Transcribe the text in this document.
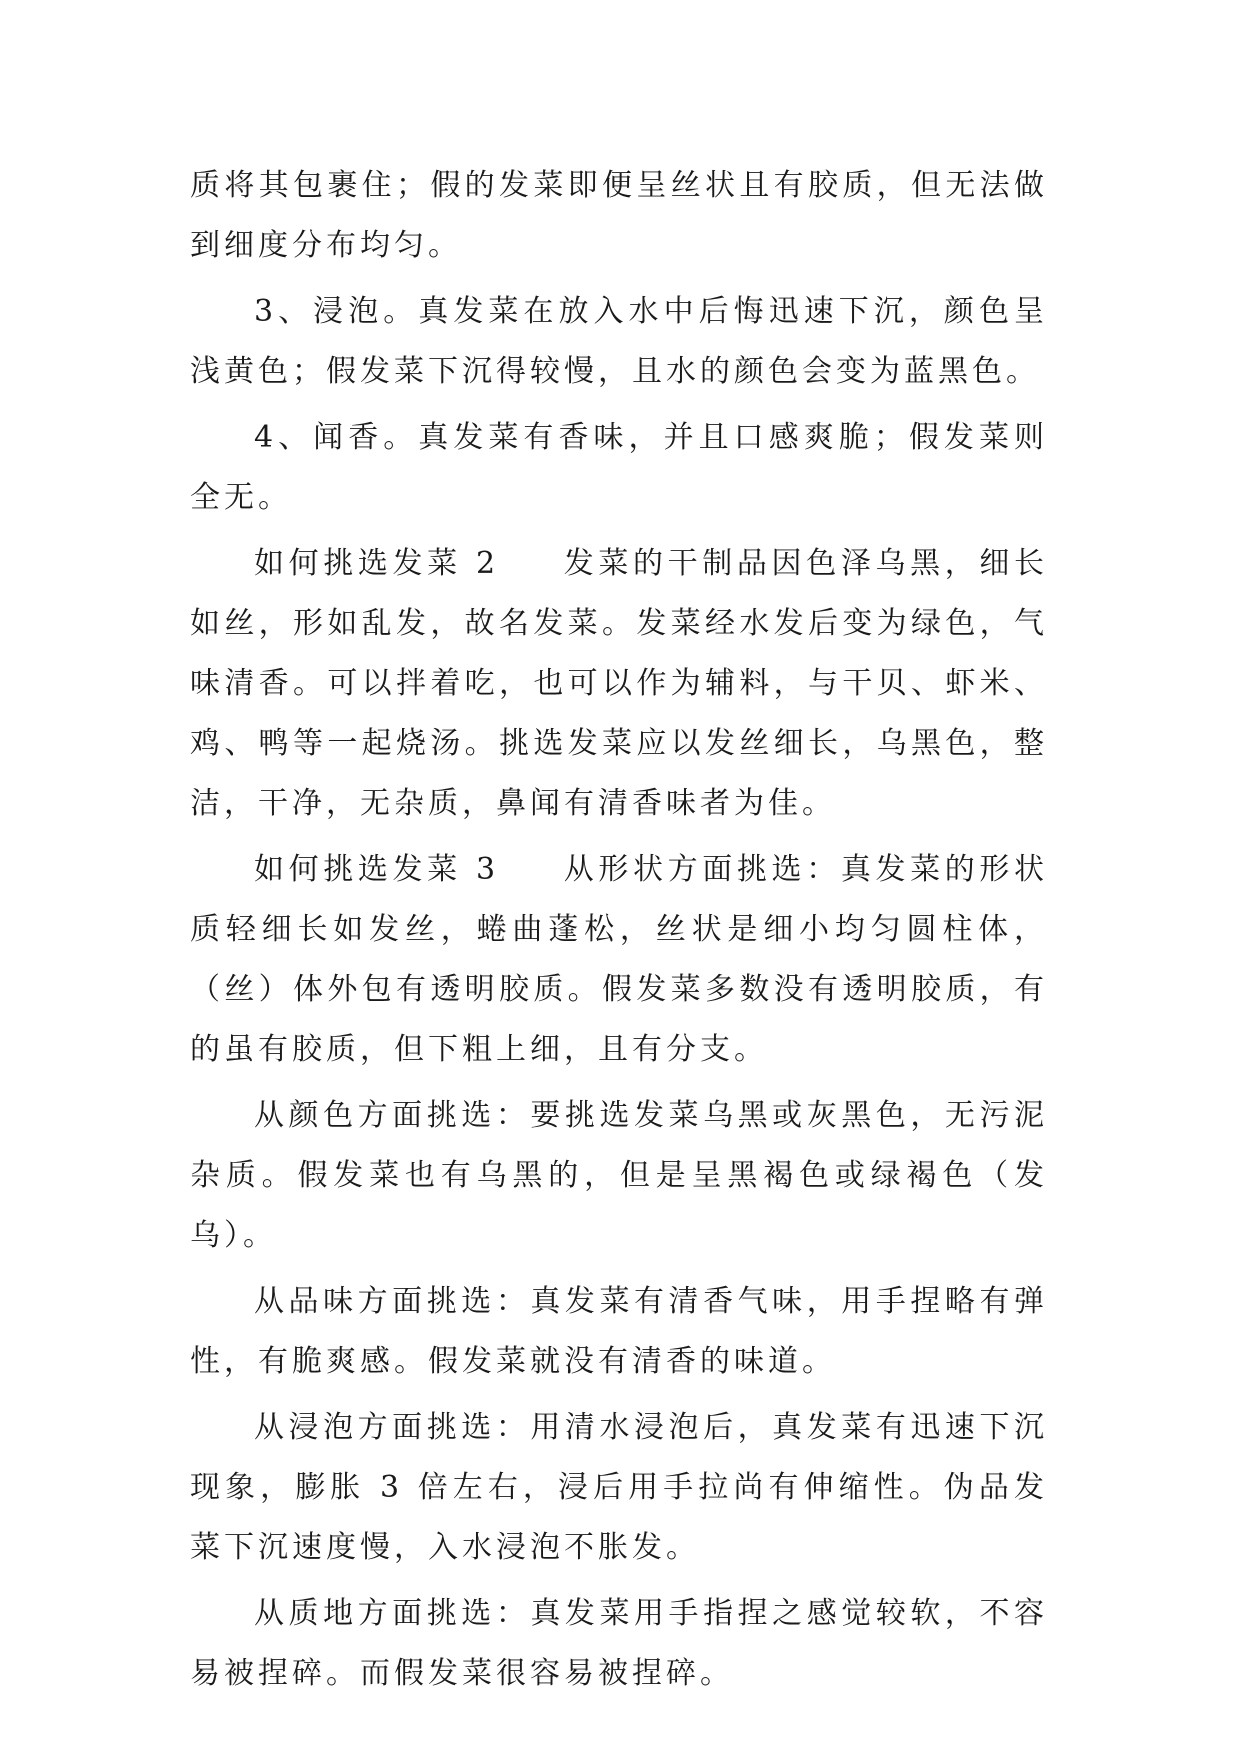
质将其包裹住；假的发菜即便呈丝状且有胶质，但无法做到细度分布均匀。

3、浸泡。真发菜在放入水中后悔迅速下沉，颜色呈浅黄色；假发菜下沉得较慢，且水的颜色会变为蓝黑色。

4、闻香。真发菜有香味，并且口感爽脆；假发菜则全无。

如何挑选发菜 2 发菜的干制品因色泽乌黑，细长如丝，形如乱发，故名发菜。发菜经水发后变为绿色，气味清香。可以拌着吃，也可以作为辅料，与干贝、虾米、鸡、鸭等一起烧汤。挑选发菜应以发丝细长，乌黑色，整洁，干净，无杂质，鼻闻有清香味者为佳。

如何挑选发菜 3 从形状方面挑选：真发菜的形状质轻细长如发丝，蜷曲蓬松，丝状是细小均匀圆柱体，（丝）体外包有透明胶质。假发菜多数没有透明胶质，有的虽有胶质，但下粗上细，且有分支。

从颜色方面挑选：要挑选发菜乌黑或灰黑色，无污泥杂质。假发菜也有乌黑的，但是呈黑褐色或绿褐色（发乌）。

从品味方面挑选：真发菜有清香气味，用手捏略有弹性，有脆爽感。假发菜就没有清香的味道。

从浸泡方面挑选：用清水浸泡后，真发菜有迅速下沉现象，膨胀 3 倍左右，浸后用手拉尚有伸缩性。伪品发菜下沉速度慢，入水浸泡不胀发。

从质地方面挑选：真发菜用手指捏之感觉较软，不容易被捏碎。而假发菜很容易被捏碎。
